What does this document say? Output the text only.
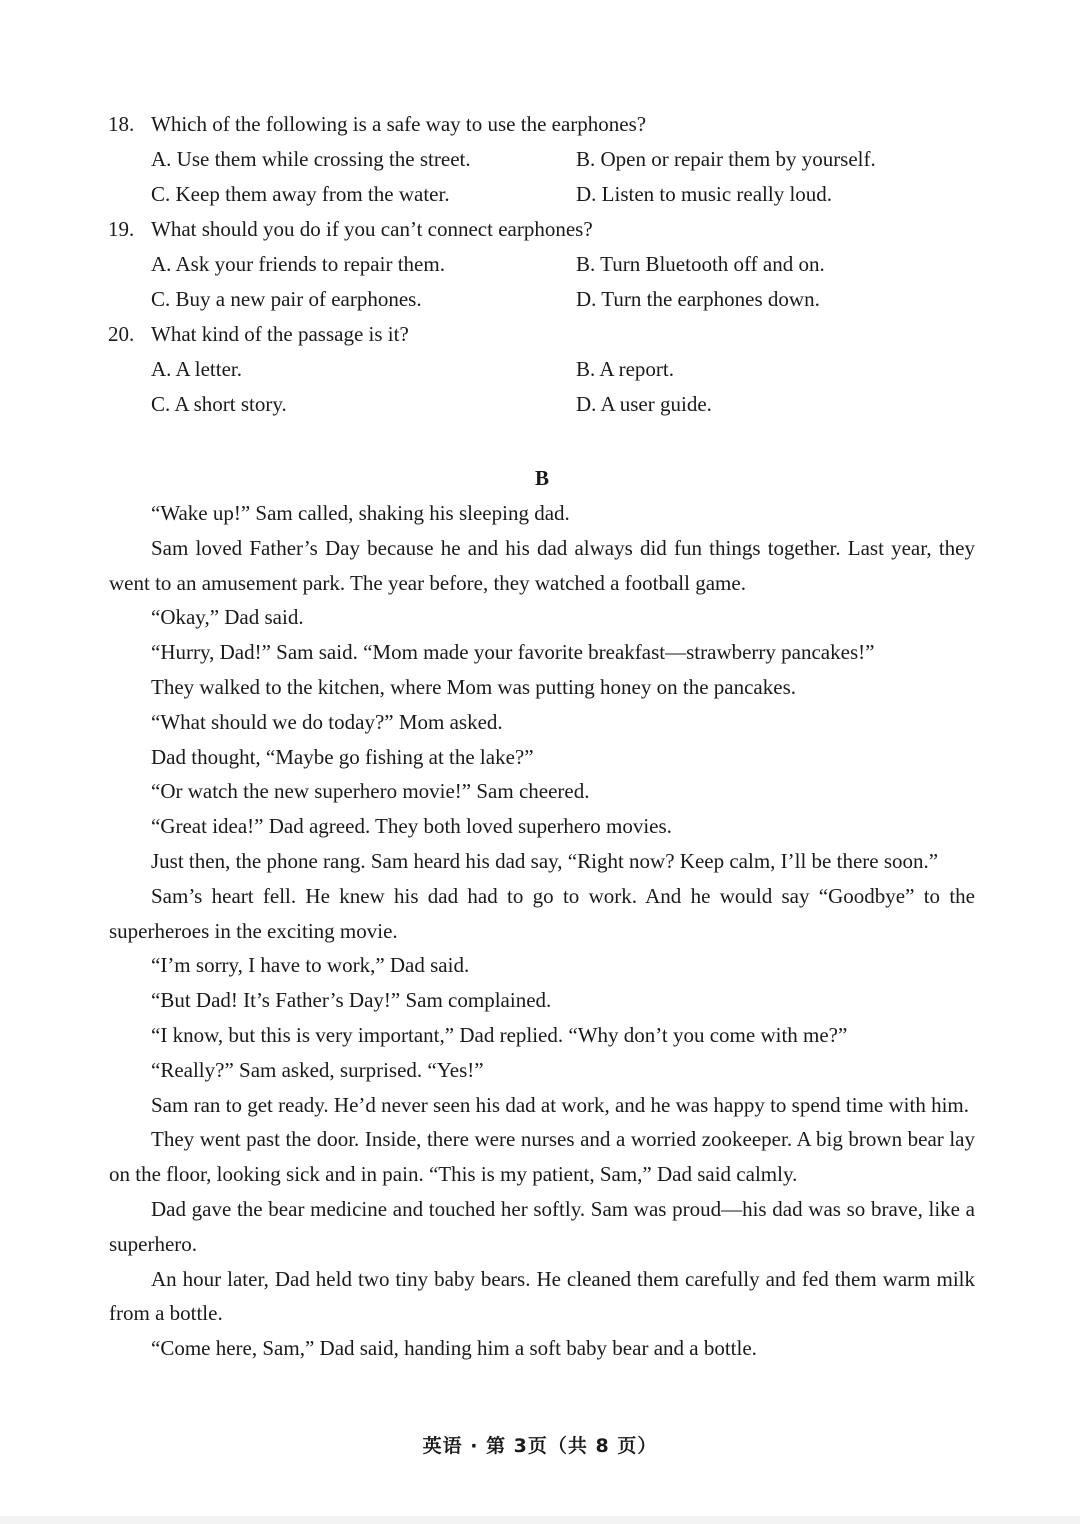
18. Which of the following is a safe way to use the earphones?
A. Use them while crossing the street.	B. Open or repair them by yourself.
C. Keep them away from the water.	D. Listen to music really loud.
19. What should you do if you can’t connect earphones?
A. Ask your friends to repair them.	B. Turn Bluetooth off and on.
C. Buy a new pair of earphones.	D. Turn the earphones down.
20. What kind of the passage is it?
A. A letter.	B. A report.
C. A short story.	D. A user guide.

B

“Wake up!” Sam called, shaking his sleeping dad.

Sam loved Father’s Day because he and his dad always did fun things together. Last year, they went to an amusement park. The year before, they watched a football game.

“Okay,” Dad said.

“Hurry, Dad!” Sam said. “Mom made your favorite breakfast—strawberry pancakes!”

They walked to the kitchen, where Mom was putting honey on the pancakes.

“What should we do today?” Mom asked.

Dad thought, “Maybe go fishing at the lake?”

“Or watch the new superhero movie!” Sam cheered.

“Great idea!” Dad agreed. They both loved superhero movies.

Just then, the phone rang. Sam heard his dad say, “Right now? Keep calm, I’ll be there soon.”

Sam’s heart fell. He knew his dad had to go to work. And he would say “Goodbye” to the superheroes in the exciting movie.

“I’m sorry, I have to work,” Dad said.

“But Dad! It’s Father’s Day!” Sam complained.

“I know, but this is very important,” Dad replied. “Why don’t you come with me?”

“Really?” Sam asked, surprised. “Yes!”

Sam ran to get ready. He’d never seen his dad at work, and he was happy to spend time with him.

They went past the door. Inside, there were nurses and a worried zookeeper. A big brown bear lay on the floor, looking sick and in pain. “This is my patient, Sam,” Dad said calmly.

Dad gave the bear medicine and touched her softly. Sam was proud—his dad was so brave, like a superhero.

An hour later, Dad held two tiny baby bears. He cleaned them carefully and fed them warm milk from a bottle.

“Come here, Sam,” Dad said, handing him a soft baby bear and a bottle.

英语 · 第 3页（共 8 页）
